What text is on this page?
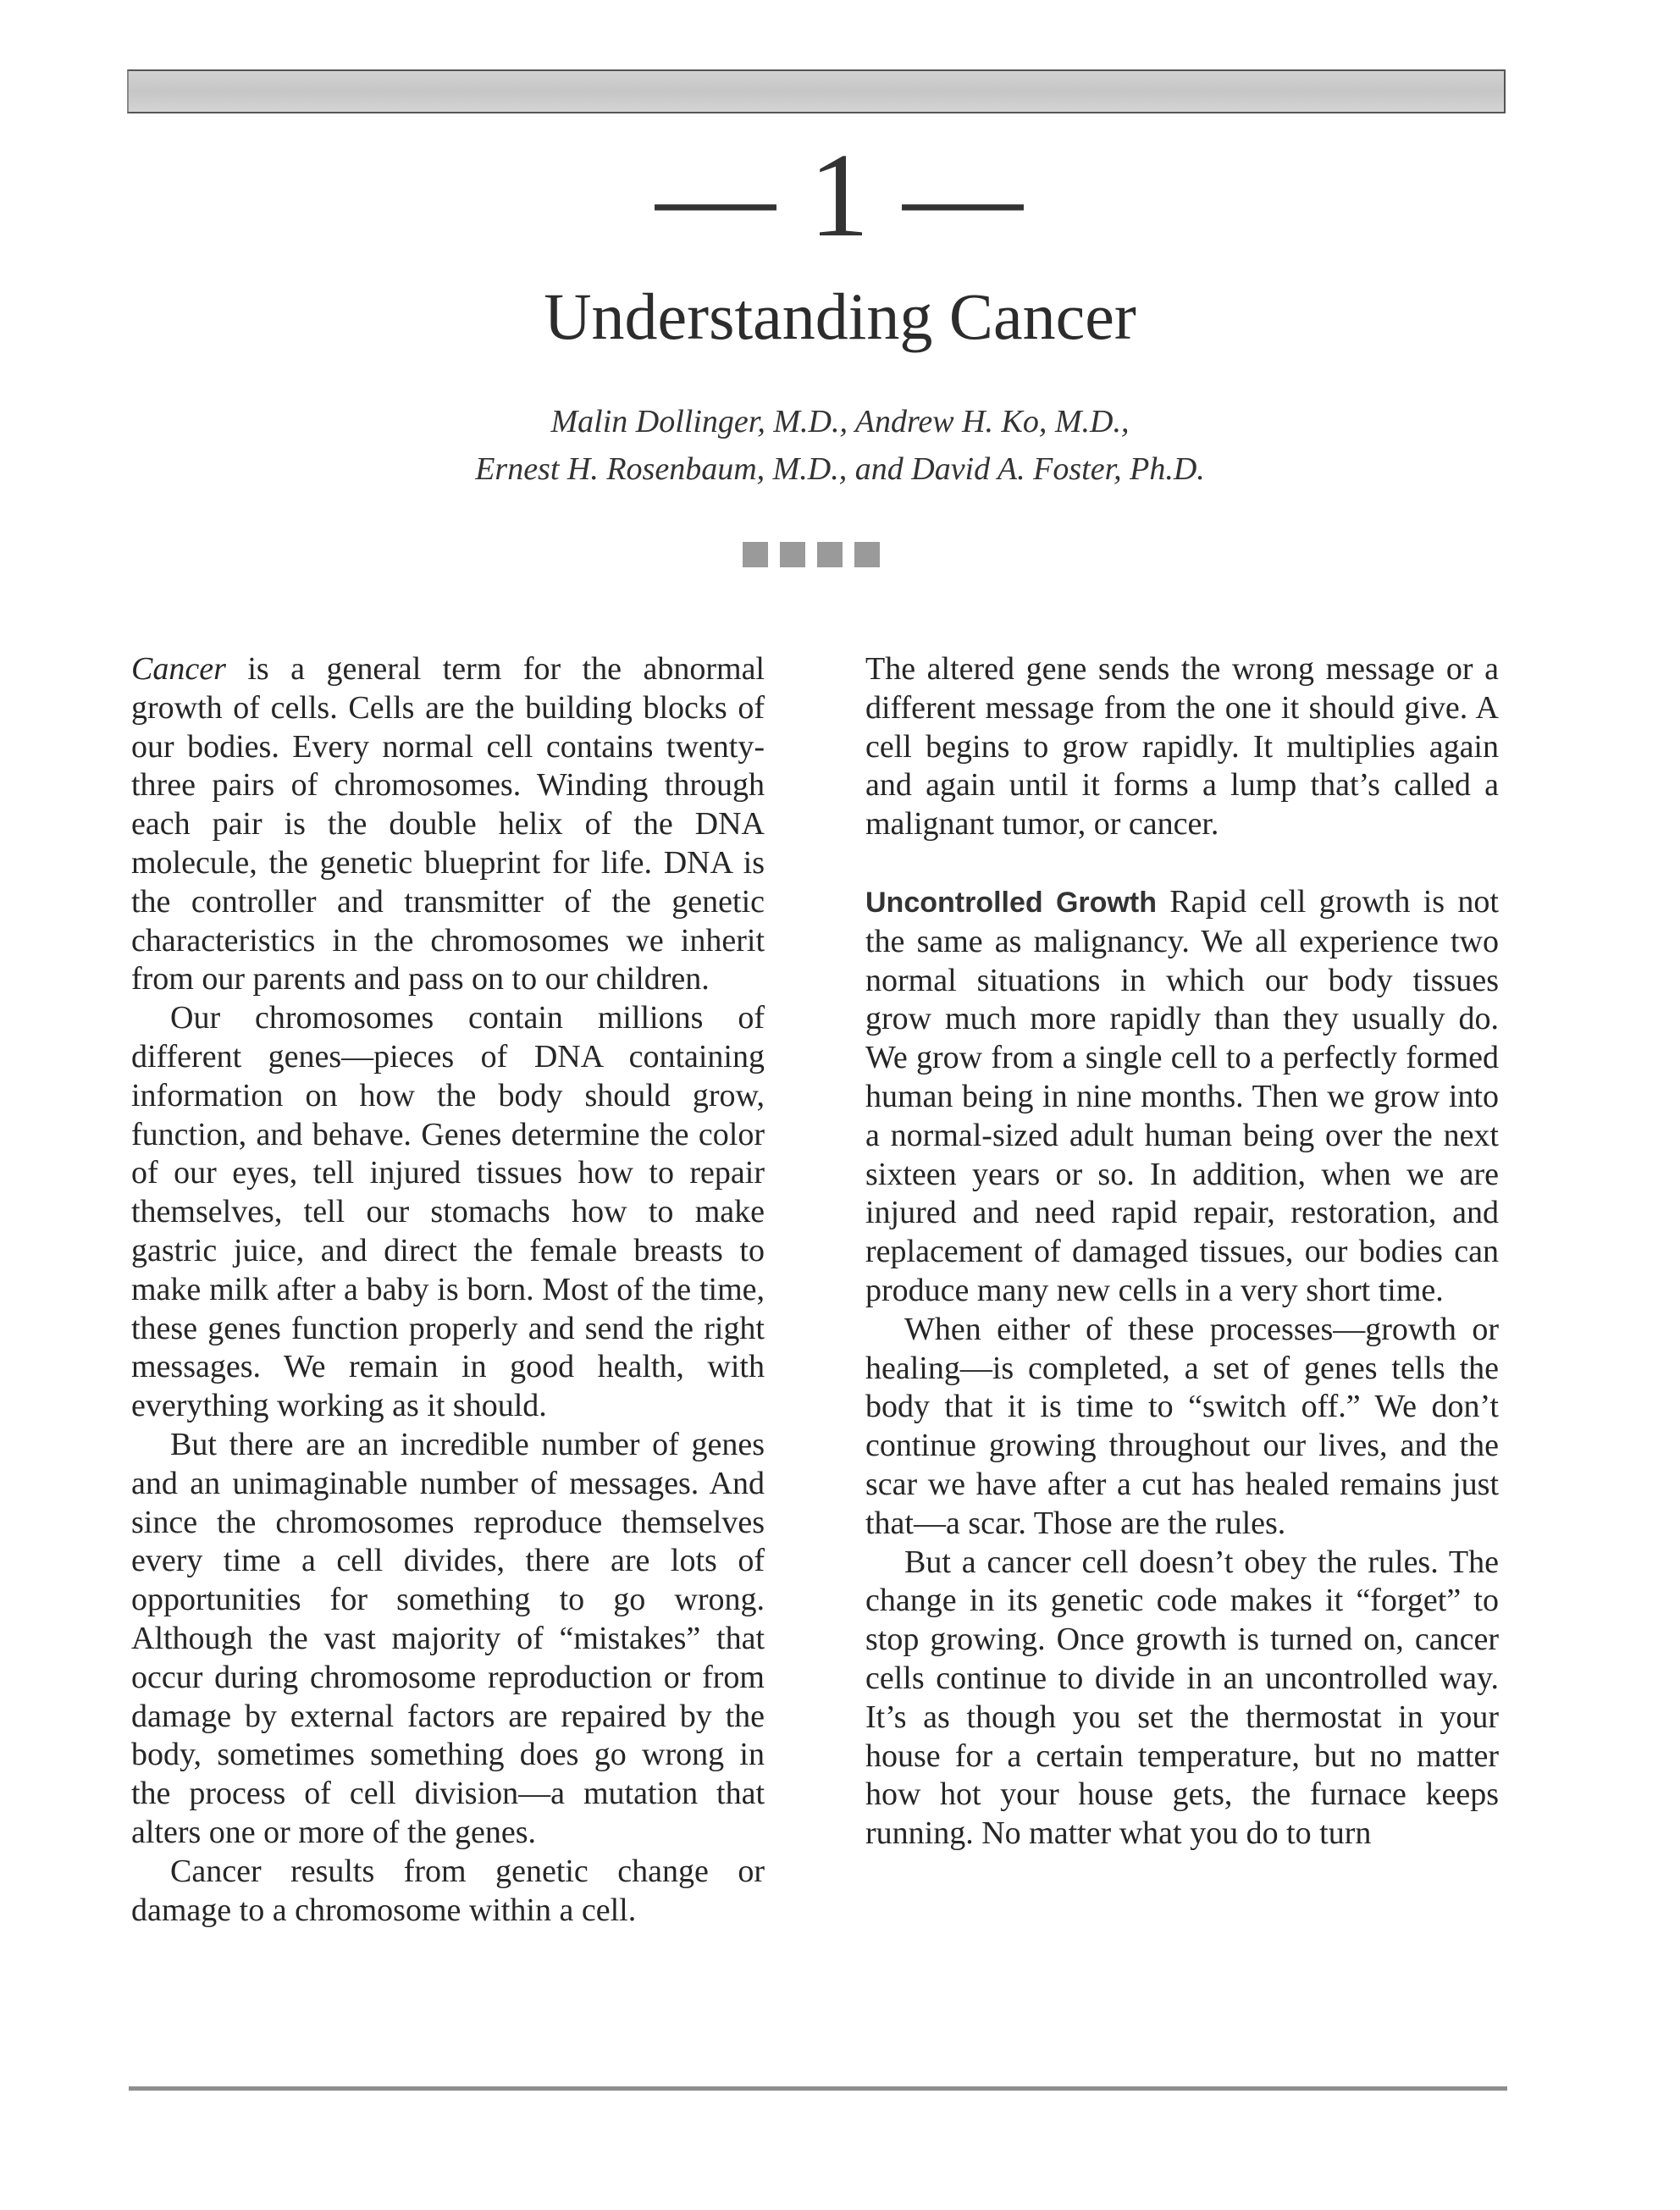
— 1 —
Understanding Cancer
Malin Dollinger, M.D., Andrew H. Ko, M.D.,
Ernest H. Rosenbaum, M.D., and David A. Foster, Ph.D.

Cancer is a general term for the abnormal growth of cells. Cells are the building blocks of our bodies. Every normal cell contains twenty-three pairs of chromosomes. Winding through each pair is the double helix of the DNA molecule, the genetic blueprint for life. DNA is the controller and transmitter of the genetic characteristics in the chromosomes we inherit from our parents and pass on to our children.

Our chromosomes contain millions of different genes—pieces of DNA containing information on how the body should grow, function, and behave. Genes determine the color of our eyes, tell injured tissues how to repair themselves, tell our stomachs how to make gastric juice, and direct the female breasts to make milk after a baby is born. Most of the time, these genes function properly and send the right messages. We remain in good health, with everything working as it should.

But there are an incredible number of genes and an unimaginable number of messages. And since the chromosomes reproduce themselves every time a cell divides, there are lots of opportunities for something to go wrong. Although the vast majority of “mistakes” that occur during chromosome reproduction or from damage by external factors are repaired by the body, sometimes something does go wrong in the process of cell division—a mutation that alters one or more of the genes.

Cancer results from genetic change or damage to a chromosome within a cell.

The altered gene sends the wrong message or a different message from the one it should give. A cell begins to grow rapidly. It multiplies again and again until it forms a lump that’s called a malignant tumor, or cancer.

Uncontrolled Growth Rapid cell growth is not the same as malignancy. We all experience two normal situations in which our body tissues grow much more rapidly than they usually do. We grow from a single cell to a perfectly formed human being in nine months. Then we grow into a normal-sized adult human being over the next sixteen years or so. In addition, when we are injured and need rapid repair, restoration, and replacement of damaged tissues, our bodies can produce many new cells in a very short time.

When either of these processes—growth or healing—is completed, a set of genes tells the body that it is time to “switch off.” We don’t continue growing throughout our lives, and the scar we have after a cut has healed remains just that—a scar. Those are the rules.

But a cancer cell doesn’t obey the rules. The change in its genetic code makes it “forget” to stop growing. Once growth is turned on, cancer cells continue to divide in an uncontrolled way. It’s as though you set the thermostat in your house for a certain temperature, but no matter how hot your house gets, the furnace keeps running. No matter what you do to turn
